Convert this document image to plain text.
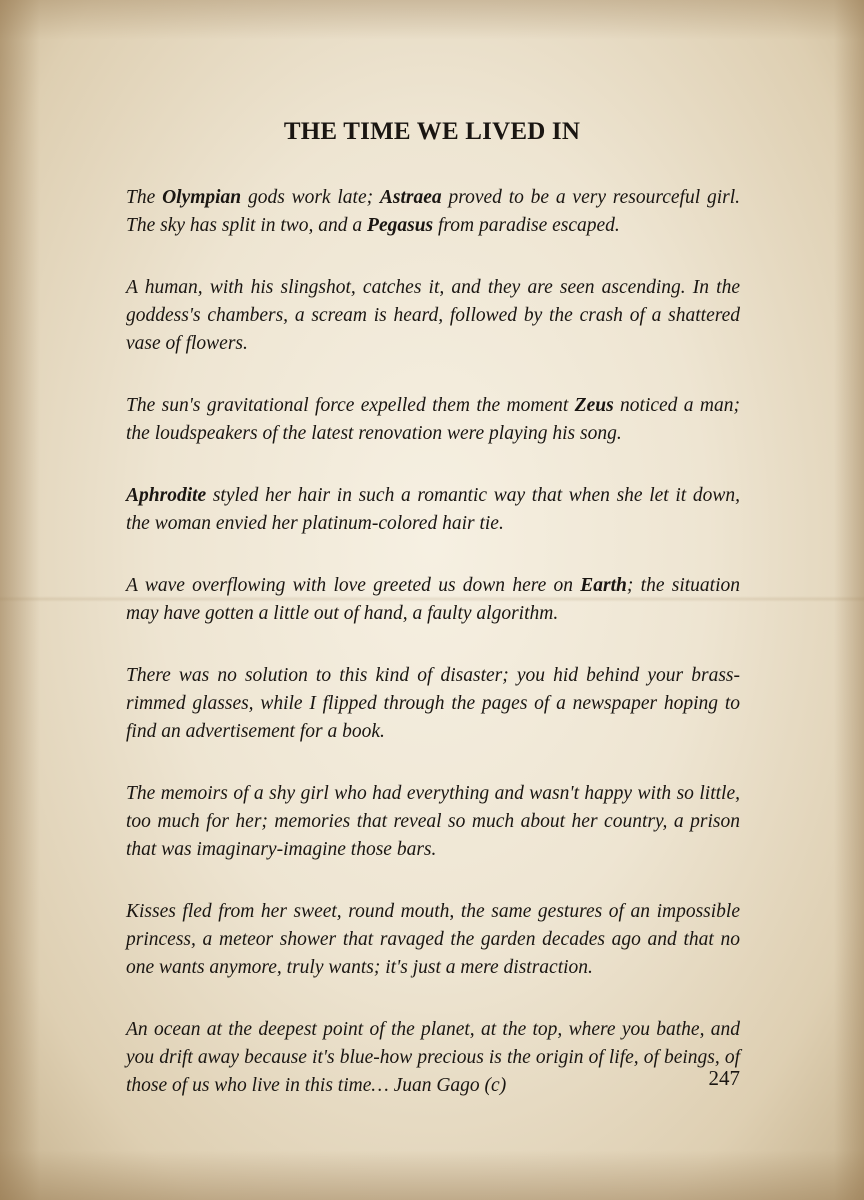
THE TIME WE LIVED IN

The Olympian gods work late; Astraea proved to be a very resourceful girl. The sky has split in two, and a Pegasus from paradise escaped.

A human, with his slingshot, catches it, and they are seen ascending. In the goddess's chambers, a scream is heard, followed by the crash of a shattered vase of flowers.

The sun's gravitational force expelled them the moment Zeus noticed a man; the loudspeakers of the latest renovation were playing his song.

Aphrodite styled her hair in such a romantic way that when she let it down, the woman envied her platinum-colored hair tie.

A wave overflowing with love greeted us down here on Earth; the situation may have gotten a little out of hand, a faulty algorithm.

There was no solution to this kind of disaster; you hid behind your brass-rimmed glasses, while I flipped through the pages of a newspaper hoping to find an advertisement for a book.

The memoirs of a shy girl who had everything and wasn't happy with so little, too much for her; memories that reveal so much about her country, a prison that was imaginary-imagine those bars.

Kisses fled from her sweet, round mouth, the same gestures of an impossible princess, a meteor shower that ravaged the garden decades ago and that no one wants anymore, truly wants; it's just a mere distraction.

An ocean at the deepest point of the planet, at the top, where you bathe, and you drift away because it's blue-how precious is the origin of life, of beings, of those of us who live in this time… Juan Gago (c)	247
